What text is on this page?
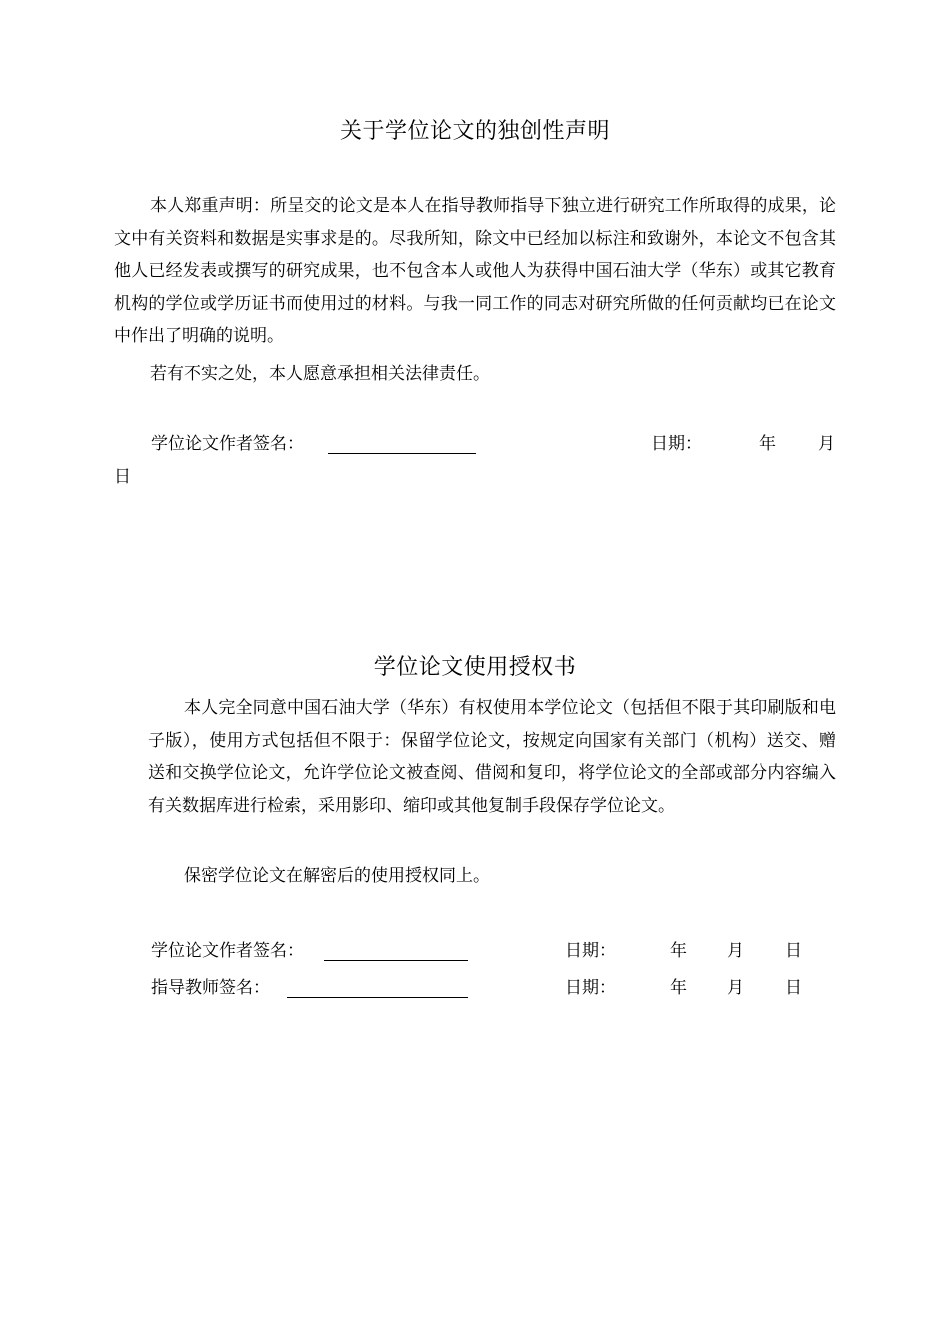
关于学位论文的独创性声明

本人郑重声明：所呈交的论文是本人在指导教师指导下独立进行研究工作所取得的成果，论文中有关资料和数据是实事求是的。尽我所知，除文中已经加以标注和致谢外，本论文不包含其他人已经发表或撰写的研究成果，也不包含本人或他人为获得中国石油大学（华东）或其它教育机构的学位或学历证书而使用过的材料。与我一同工作的同志对研究所做的任何贡献均已在论文中作出了明确的说明。

若有不实之处，本人愿意承担相关法律责任。

学位论文作者签名：	日期：	年 月
日
学位论文使用授权书

本人完全同意中国石油大学（华东）有权使用本学位论文（包括但不限于其印刷版和电子版），使用方式包括但不限于：保留学位论文，按规定向国家有关部门（机构）送交、赠送和交换学位论文，允许学位论文被查阅、借阅和复印，将学位论文的全部或部分内容编入有关数据库进行检索，采用影印、缩印或其他复制手段保存学位论文。

保密学位论文在解密后的使用授权同上。

学位论文作者签名：	日期：	年 月 日
指导教师签名：	日期：	年 月 日
